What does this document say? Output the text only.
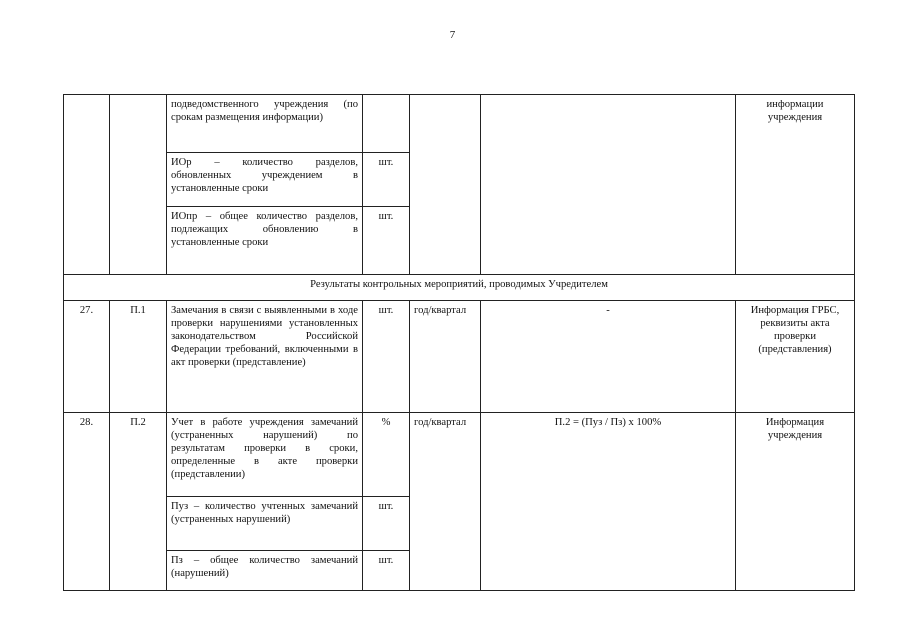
7

		подведомственного учреждения (по срокам размещения информации)				информации учреждения

		ИОр – количество разделов, обновленных учреждением в установленные сроки	шт.			

		ИОпр – общее количество разделов, подлежащих обновлению в установленные сроки	шт.			
Результаты контрольных мероприятий, проводимых Учредителем						
27.	П.1	Замечания в связи с выявленными в ходе проверки нарушениями установленных законодательством Российской Федерации требований, включенными в акт проверки (представление)	шт.	год/квартал	-	Информация ГРБС, реквизиты акта проверки (представления)
28.	П.2	Учет в работе учреждения замечаний (устраненных нарушений) по результатам проверки в сроки, определенные в акте проверки (представлении)	%	год/квартал	П.2 = (Пуз / Пз) х 100%	Информация учреждения

		Пуз – количество учтенных замечаний (устраненных нарушений)	шт.			

		Пз – общее количество замечаний (нарушений)	шт.			
